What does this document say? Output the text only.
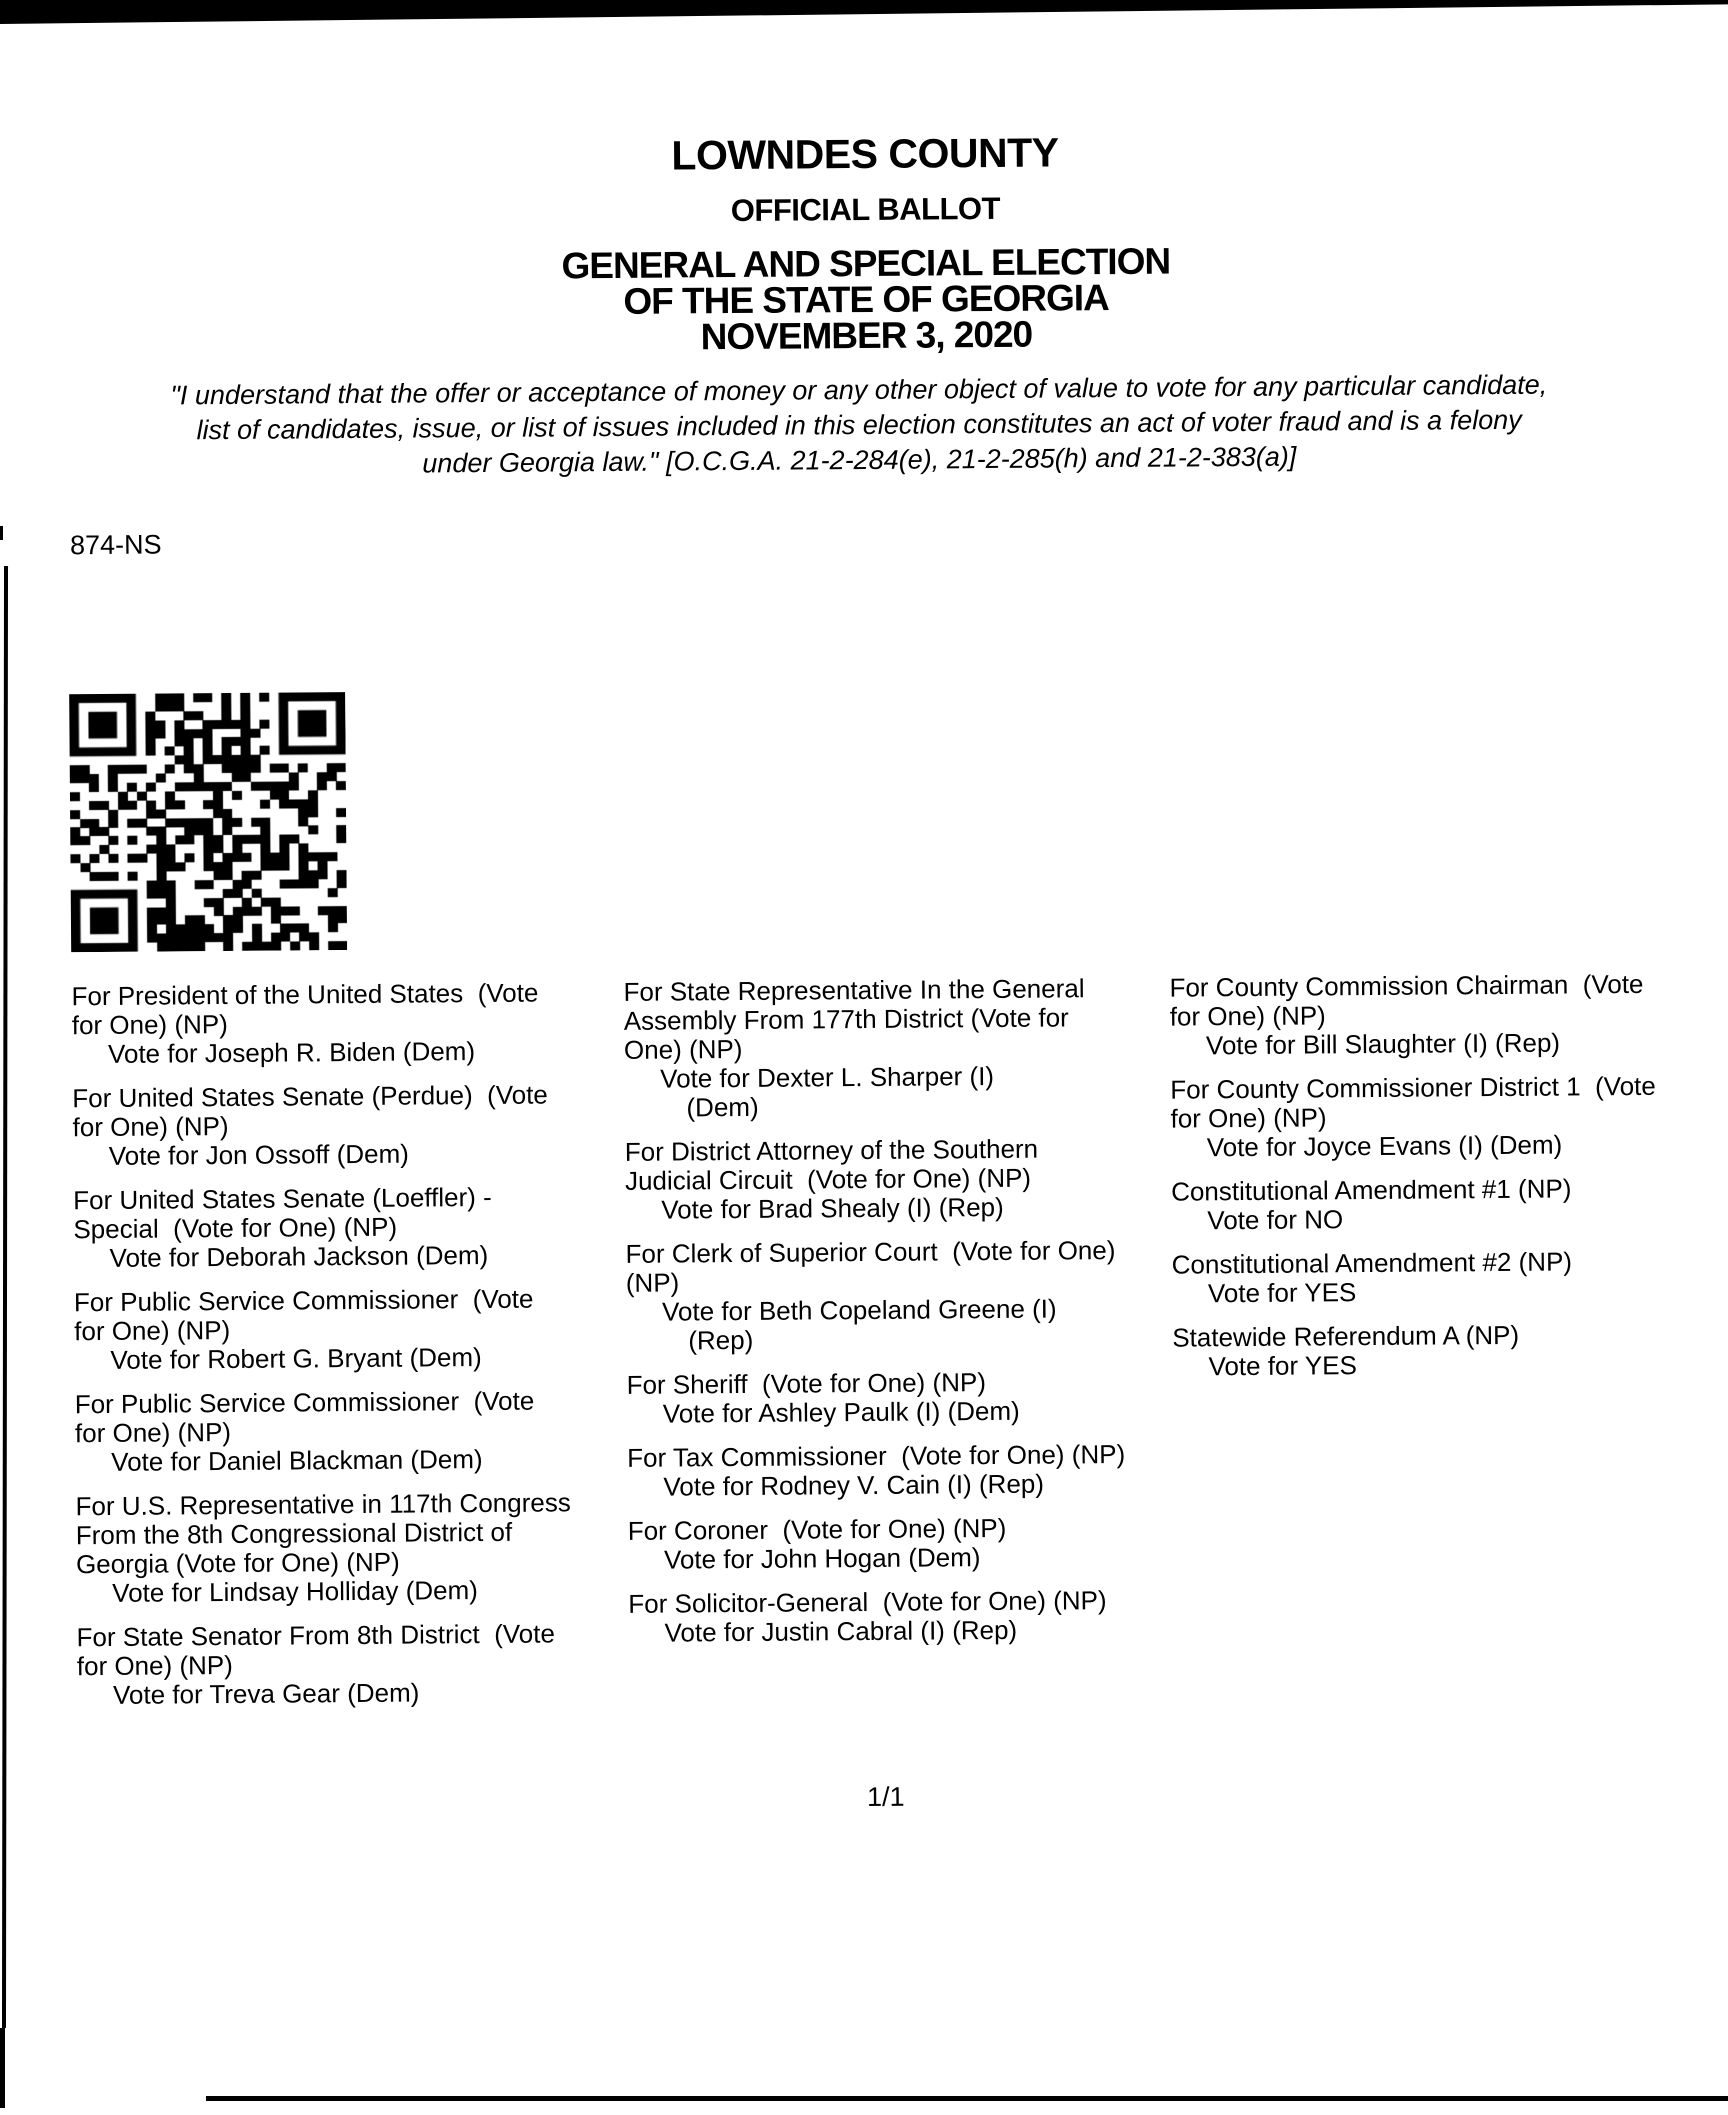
LOWNDES COUNTY
OFFICIAL BALLOT
GENERAL AND SPECIAL ELECTION
OF THE STATE OF GEORGIA
NOVEMBER 3, 2020
"I understand that the offer or acceptance of money or any other object of value to vote for any particular candidate,
list of candidates, issue, or list of issues included in this election constitutes an act of voter fraud and is a felony
under Georgia law." [O.C.G.A. 21-2-284(e), 21-2-285(h) and 21-2-383(a)]
874-NS
For President of the United States  (Vote
for One) (NP)
Vote for Joseph R. Biden (Dem)
For United States Senate (Perdue)  (Vote
for One) (NP)
Vote for Jon Ossoff (Dem)
For United States Senate (Loeffler) -
Special  (Vote for One) (NP)
Vote for Deborah Jackson (Dem)
For Public Service Commissioner  (Vote
for One) (NP)
Vote for Robert G. Bryant (Dem)
For Public Service Commissioner  (Vote
for One) (NP)
Vote for Daniel Blackman (Dem)
For U.S. Representative in 117th Congress
From the 8th Congressional District of
Georgia (Vote for One) (NP)
Vote for Lindsay Holliday (Dem)
For State Senator From 8th District  (Vote
for One) (NP)
Vote for Treva Gear (Dem)
For State Representative In the General
Assembly From 177th District (Vote for
One) (NP)
Vote for Dexter L. Sharper (I)
(Dem)
For District Attorney of the Southern
Judicial Circuit  (Vote for One) (NP)
Vote for Brad Shealy (I) (Rep)
For Clerk of Superior Court  (Vote for One)
(NP)
Vote for Beth Copeland Greene (I)
(Rep)
For Sheriff  (Vote for One) (NP)
Vote for Ashley Paulk (I) (Dem)
For Tax Commissioner  (Vote for One) (NP)
Vote for Rodney V. Cain (I) (Rep)
For Coroner  (Vote for One) (NP)
Vote for John Hogan (Dem)
For Solicitor-General  (Vote for One) (NP)
Vote for Justin Cabral (I) (Rep)
For County Commission Chairman  (Vote
for One) (NP)
Vote for Bill Slaughter (I) (Rep)
For County Commissioner District 1  (Vote
for One) (NP)
Vote for Joyce Evans (I) (Dem)
Constitutional Amendment #1 (NP)
Vote for NO
Constitutional Amendment #2 (NP)
Vote for YES
Statewide Referendum A (NP)
Vote for YES
1/1
